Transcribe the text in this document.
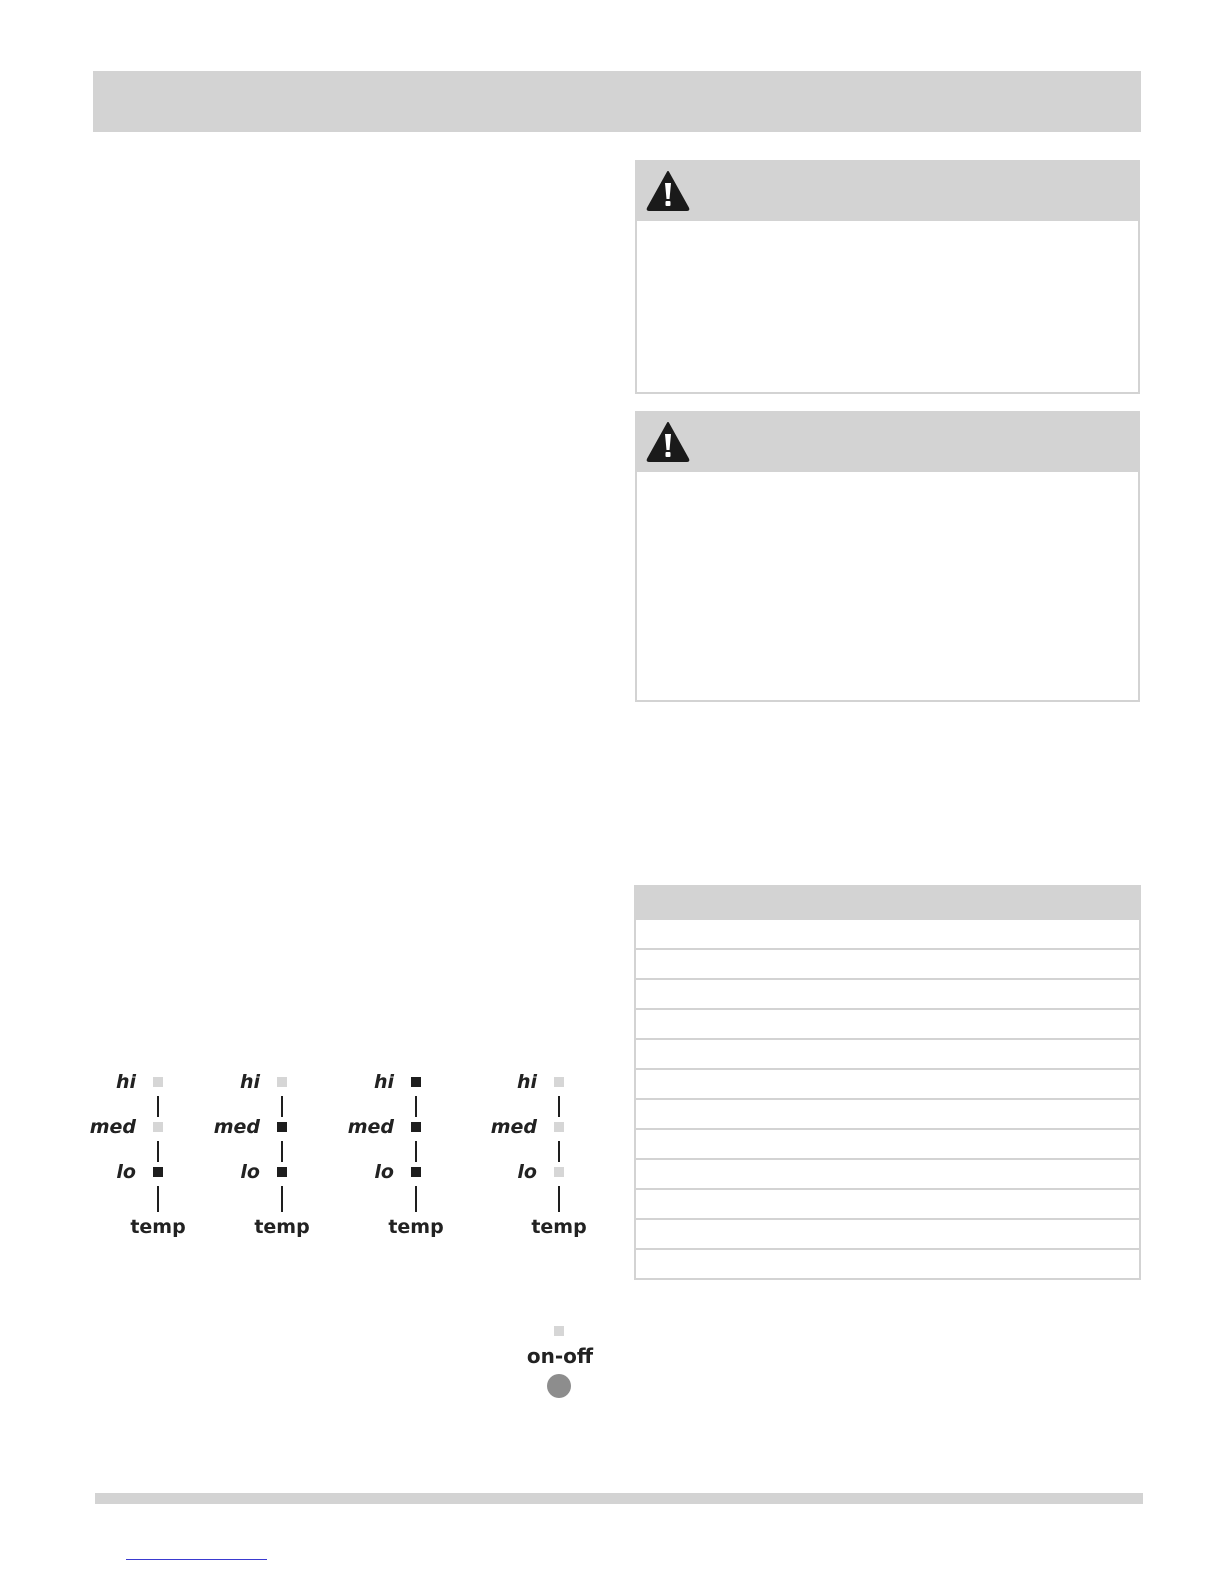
hi
med
lo
temp
hi
med
lo
temp
hi
med
lo
temp
hi
med
lo
temp
on-off
